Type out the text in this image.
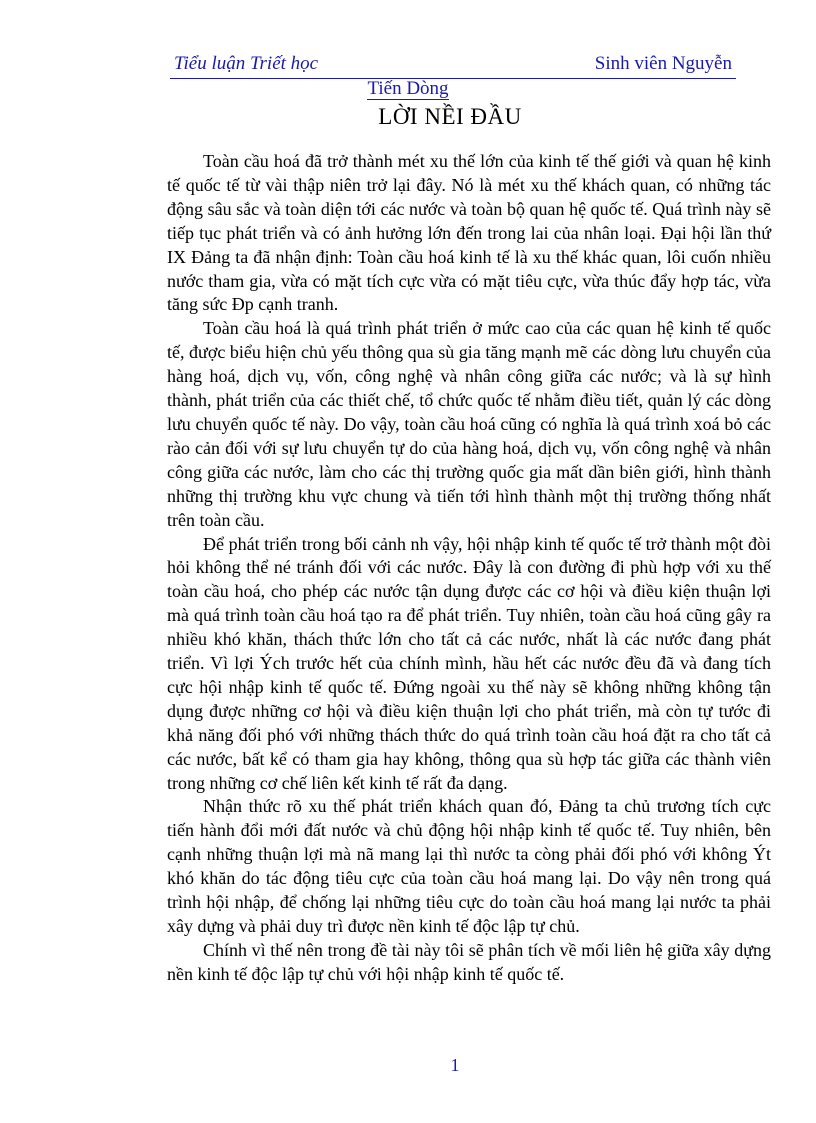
Tiểu luận Triết học	Sinh viên Nguyễn
Tiến Dòng
LỜI NỀI ĐẦU

Toàn cầu hoá đã trở thành mét xu thế lớn của kinh tế thế giới và quan hệ kinh tế quốc tế từ vài thập niên trở lại đây. Nó là mét xu thế khách quan, có những tác động sâu sắc và toàn diện tới các nước và toàn bộ quan hệ quốc tế. Quá trình này sẽ tiếp tục phát triển và có ảnh hưởng lớn đến trong lai của nhân loại. Đại hội lần thứ IX Đảng ta đã nhận định: Toàn cầu hoá kinh tế là xu thế khác quan, lôi cuốn nhiều nước tham gia, vừa có mặt tích cực vừa có mặt tiêu cực, vừa thúc đẩy hợp tác, vừa tăng sức Đp cạnh tranh.

Toàn cầu hoá là quá trình phát triển ở mức cao của các quan hệ kinh tế quốc tế, được biểu hiện chủ yếu thông qua sù gia tăng mạnh mẽ các dòng lưu chuyển của hàng hoá, dịch vụ, vốn, công nghệ và nhân công giữa các nước; và là sự hình thành, phát triển của các thiết chế, tổ chức quốc tế nhằm điều tiết, quản lý các dòng lưu chuyển quốc tế này. Do vậy, toàn cầu hoá cũng có nghĩa là quá trình xoá bỏ các rào cản đối với sự lưu chuyển tự do của hàng hoá, dịch vụ, vốn công nghệ và nhân công giữa các nước, làm cho các thị trường quốc gia mất dần biên giới, hình thành những thị trường khu vực chung và tiến tới hình thành một thị trường thống nhất trên toàn cầu.

Để phát triển trong bối cảnh nh vậy, hội nhập kinh tế quốc tế trở thành một đòi hỏi không thể né tránh đối với các nước. Đây là con đường đi phù hợp với xu thế toàn cầu hoá, cho phép các nước tận dụng được các cơ hội và điều kiện thuận lợi mà quá trình toàn cầu hoá tạo ra để phát triển. Tuy nhiên, toàn cầu hoá cũng gây ra nhiều khó khăn, thách thức lớn cho tất cả các nước, nhất là các nước đang phát triển. Vì lợi Ých trước hết của chính mình, hầu hết các nước đều đã và đang tích cực hội nhập kinh tế quốc tế. Đứng ngoài xu thế này sẽ không những không tận dụng được những cơ hội và điều kiện thuận lợi cho phát triển, mà còn tự tước đi khả năng đối phó với những thách thức do quá trình toàn cầu hoá đặt ra cho tất cả các nước, bất kể có tham gia hay không, thông qua sù hợp tác giữa các thành viên trong những cơ chế liên kết kinh tế rất đa dạng.

Nhận thức rõ xu thế phát triển khách quan đó, Đảng ta chủ trương tích cực tiến hành đổi mới đất nước và chủ động hội nhập kinh tế quốc tế. Tuy nhiên, bên cạnh những thuận lợi mà nã mang lại thì nước ta còng phải đối phó với không Ýt khó khăn do tác động tiêu cực của toàn cầu hoá mang lại. Do vậy nên trong quá trình hội nhập, để chống lại những tiêu cực do toàn cầu hoá mang lại nước ta phải xây dựng và phải duy trì được nền kinh tế độc lập tự chủ.

Chính vì thế nên trong đề tài này tôi sẽ phân tích về mối liên hệ giữa xây dựng nền kinh tế độc lập tự chủ với hội nhập kinh tế quốc tế.

1
